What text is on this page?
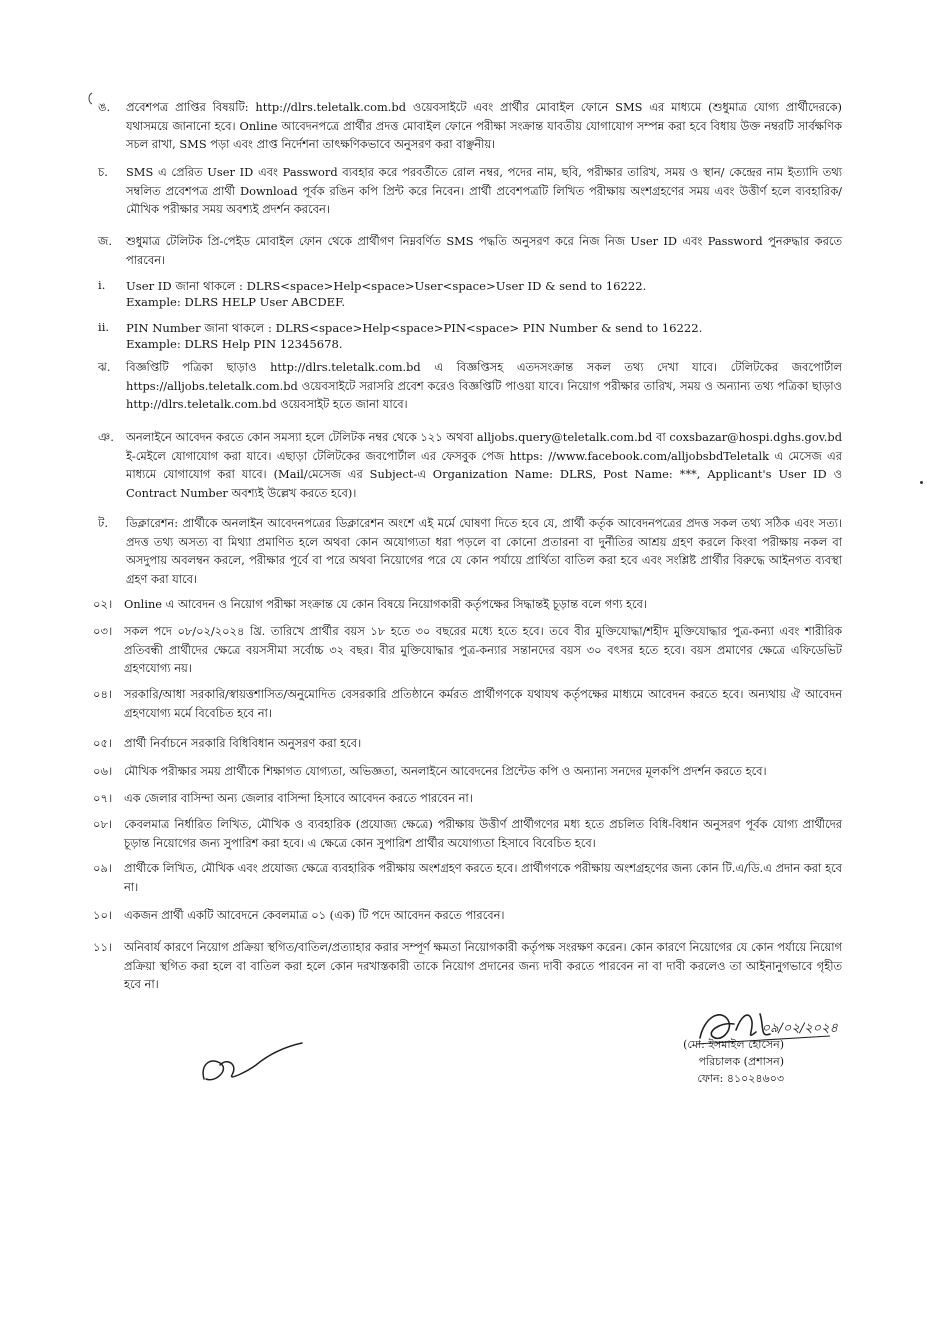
ঙ. প্রবেশপত্র প্রাপ্তির বিষয়টি: http://dlrs.teletalk.com.bd ওয়েবসাইটে এবং প্রার্থীর মোবাইল ফোনে SMS এর মাধ্যমে (শুধুমাত্র যোগ্য প্রার্থীদেরকে) যথাসময়ে জানানো হবে। Online আবেদনপত্রে প্রার্থীর প্রদত্ত মোবাইল ফোনে পরীক্ষা সংক্রান্ত যাবতীয় যোগাযোগ সম্পন্ন করা হবে বিধায় উক্ত নম্বরটি সার্বক্ষণিক সচল রাখা, SMS পড়া এবং প্রাপ্ত নির্দেশনা তাৎক্ষণিকভাবে অনুসরণ করা বাঞ্ছনীয়।
চ. SMS এ প্রেরিত User ID এবং Password ব্যবহার করে পরবর্তীতে রোল নম্বর, পদের নাম, ছবি, পরীক্ষার তারিখ, সময় ও স্থান/ কেন্দ্রের নাম ইত্যাদি তথ্য সম্বলিত প্রবেশপত্র প্রার্থী Download পূর্বক রঙিন কপি প্রিন্ট করে নিবেন। প্রার্থী প্রবেশপত্রটি লিখিত পরীক্ষায় অংশগ্রহণের সময় এবং উত্তীর্ণ হলে ব্যবহারিক/ মৌখিক পরীক্ষার সময় অবশ্যই প্রদর্শন করবেন।
জ. শুধুমাত্র টেলিটক প্রি-পেইড মোবাইল ফোন থেকে প্রার্থীগণ নিম্নবর্ণিত SMS পদ্ধতি অনুসরণ করে নিজ নিজ User ID এবং Password পুনরুদ্ধার করতে পারবেন।
i. User ID জানা থাকলে : DLRS<space>Help<space>User<space>User ID & send to 16222.
Example: DLRS HELP User ABCDEF.
ii. PIN Number জানা থাকলে : DLRS<space>Help<space>PIN<space> PIN Number & send to 16222.
Example: DLRS Help PIN 12345678.
ঝ. বিজ্ঞপ্তিটি পত্রিকা ছাড়াও http://dlrs.teletalk.com.bd এ বিজ্ঞপ্তিসহ এতদসংক্রান্ত সকল তথ্য দেখা যাবে। টেলিটকের জবপোর্টাল https://alljobs.teletalk.com.bd ওয়েবসাইটে সরাসরি প্রবেশ করেও বিজ্ঞপ্তিটি পাওয়া যাবে। নিয়োগ পরীক্ষার তারিখ, সময় ও অন্যান্য তথ্য পত্রিকা ছাড়াও http://dlrs.teletalk.com.bd ওয়েবসাইট হতে জানা যাবে।
ঞ. অনলাইনে আবেদন করতে কোন সমস্যা হলে টেলিটক নম্বর থেকে ১২১ অথবা alljobs.query@teletalk.com.bd বা coxsbazar@hospi.dghs.gov.bd ই-মেইলে যোগাযোগ করা যাবে। এছাড়া টেলিটকের জবপোর্টাল এর ফেসবুক পেজ https: //www.facebook.com/alljobsbdTeletalk এ মেসেজ এর মাধ্যমে যোগাযোগ করা যাবে। (Mail/মেসেজ এর Subject-এ Organization Name: DLRS, Post Name: ***, Applicant's User ID ও Contract Number অবশ্যই উল্লেখ করতে হবে)।
ট. ডিক্লারেশন: প্রার্থীকে অনলাইন আবেদনপত্রের ডিক্লারেশন অংশে এই মর্মে ঘোষণা দিতে হবে যে, প্রার্থী কর্তৃক আবেদনপত্রের প্রদত্ত সকল তথ্য সঠিক এবং সত্য। প্রদত্ত তথ্য অসত্য বা মিথ্যা প্রমাণিত হলে অথবা কোন অযোগ্যতা ধরা পড়লে বা কোনো প্রতারনা বা দুর্নীতির আশ্রয় গ্রহণ করলে কিংবা পরীক্ষায় নকল বা অসদুপায় অবলম্বন করলে, পরীক্ষার পূর্বে বা পরে অথবা নিয়োগের পরে যে কোন পর্যায়ে প্রার্থিতা বাতিল করা হবে এবং সংশ্লিষ্ট প্রার্থীর বিরুদ্ধে আইনগত ব্যবস্থা গ্রহণ করা যাবে।
০২। Online এ আবেদন ও নিয়োগ পরীক্ষা সংক্রান্ত যে কোন বিষয়ে নিয়োগকারী কর্তৃপক্ষের সিদ্ধান্তই চূড়ান্ত বলে গণ্য হবে।
০৩। সকল পদে ০৮/০২/২০২৪ খ্রি. তারিখে প্রার্থীর বয়স ১৮ হতে ৩০ বছরের মধ্যে হতে হবে। তবে বীর মুক্তিযোদ্ধা/শহীদ মুক্তিযোদ্ধার পুত্র-কন্যা এবং শারীরিক প্রতিবন্ধী প্রার্থীদের ক্ষেত্রে বয়সসীমা সর্বোচ্চ ৩২ বছর। বীর মুক্তিযোদ্ধার পুত্র-কন্যার সন্তানদের বয়স ৩০ বৎসর হতে হবে। বয়স প্রমাণের ক্ষেত্রে এফিডেভিট গ্রহণযোগ্য নয়।
০৪। সরকারি/আধা সরকারি/স্বায়ত্তশাসিত/অনুমোদিত বেসরকারি প্রতিষ্ঠানে কর্মরত প্রার্থীগণকে যথাযথ কর্তৃপক্ষের মাধ্যমে আবেদন করতে হবে। অন্যথায় ঐ আবেদন গ্রহণযোগ্য মর্মে বিবেচিত হবে না।
০৫। প্রার্থী নির্বাচনে সরকারি বিধিবিধান অনুসরণ করা হবে।
০৬। মৌখিক পরীক্ষার সময় প্রার্থীকে শিক্ষাগত যোগ্যতা, অভিজ্ঞতা, অনলাইনে আবেদনের প্রিন্টেড কপি ও অন্যান্য সনদের মূলকপি প্রদর্শন করতে হবে।
০৭। এক জেলার বাসিন্দা অন্য জেলার বাসিন্দা হিসাবে আবেদন করতে পারবেন না।
০৮। কেবলমাত্র নির্ধারিত লিখিত, মৌখিক ও ব্যবহারিক (প্রযোজ্য ক্ষেত্রে) পরীক্ষায় উত্তীর্ণ প্রার্থীগণের মধ্য হতে প্রচলিত বিধি-বিধান অনুসরণ পূর্বক যোগ্য প্রার্থীদের চূড়ান্ত নিয়োগের জন্য সুপারিশ করা হবে। এ ক্ষেত্রে কোন সুপারিশ প্রার্থীর অযোগ্যতা হিসাবে বিবেচিত হবে।
০৯। প্রার্থীকে লিখিত, মৌখিক এবং প্রযোজ্য ক্ষেত্রে ব্যবহারিক পরীক্ষায় অংশগ্রহণ করতে হবে। প্রার্থীগণকে পরীক্ষায় অংশগ্রহণের জন্য কোন টি.এ/ডি.এ প্রদান করা হবে না।
১০। একজন প্রার্থী একটি আবেদনে কেবলমাত্র ০১ (এক) টি পদে আবেদন করতে পারবেন।
১১। অনিবার্য কারণে নিয়োগ প্রক্রিয়া স্থগিত/বাতিল/প্রত্যাহার করার সম্পূর্ণ ক্ষমতা নিয়োগকারী কর্তৃপক্ষ সংরক্ষণ করেন। কোন কারণে নিয়োগের যে কোন পর্যায়ে নিয়োগ প্রক্রিয়া স্থগিত করা হলে বা বাতিল করা হলে কোন দরখাস্তকারী তাকে নিয়োগ প্রদানের জন্য দাবী করতে পারবেন না বা দাবী করলেও তা আইনানুগভাবে গৃহীত হবে না।
০৯/০২/২০২৪
(মো: ইসমাইল হোসেন)
পরিচালক (প্রশাসন)
ফোন: ৪১০২৪৬০৩
